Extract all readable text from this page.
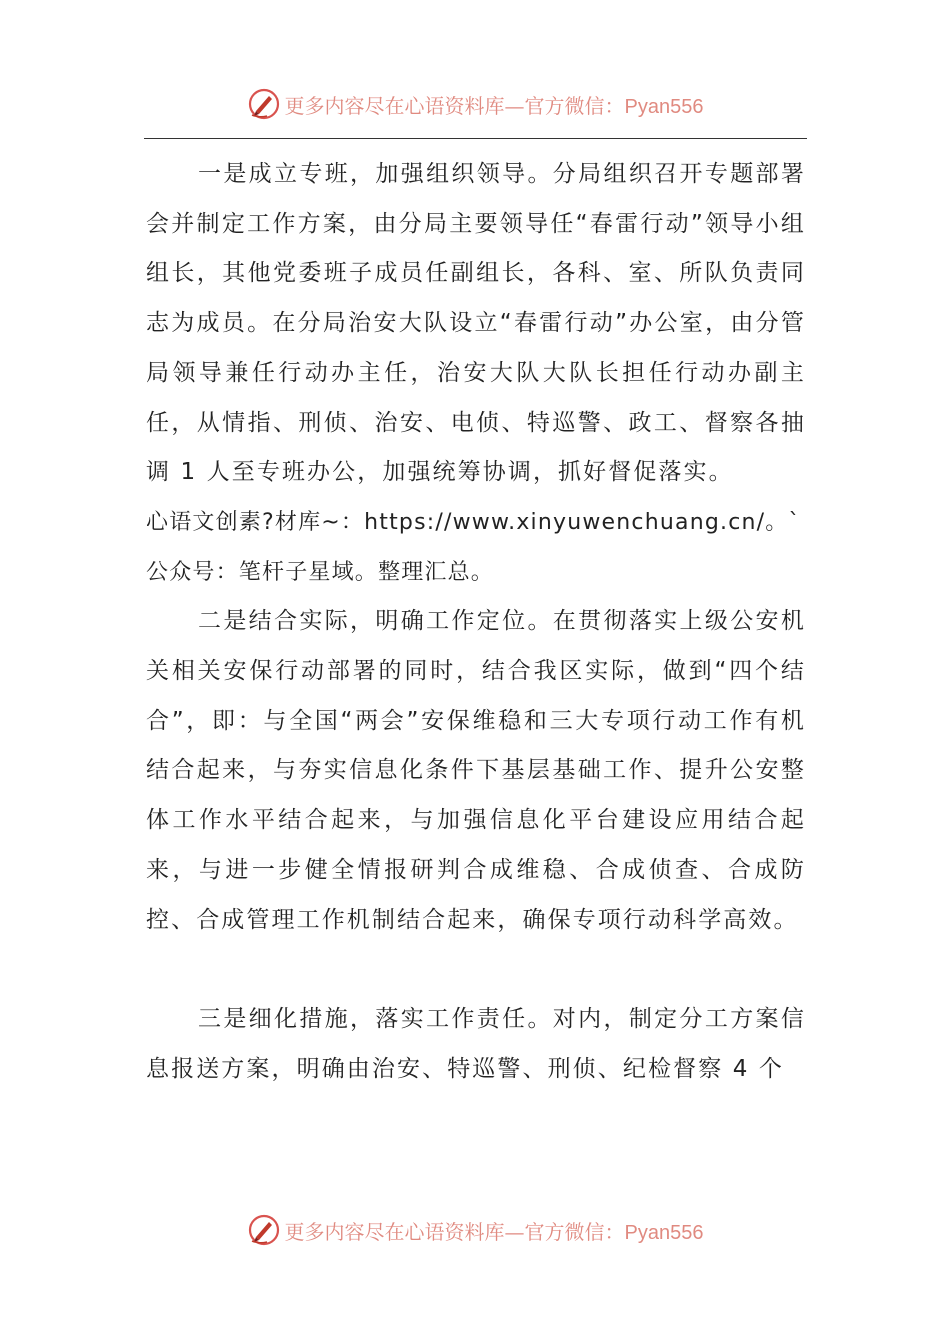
更多内容尽在心语资料库—官方微信：Pyan556

一是成立专班，加强组织领导。分局组织召开专题部署会并制定工作方案，由分局主要领导任“春雷行动”领导小组组长，其他党委班子成员任副组长，各科、室、所队负责同志为成员。在分局治安大队设立“春雷行动”办公室，由分管局领导兼任行动办主任，治安大队大队长担任行动办副主任，从情指、刑侦、治安、电侦、特巡警、政工、督察各抽调 1 人至专班办公，加强统筹协调，抓好督促落实。

心语文创素?材库~：https://www.xinyuwenchuang.cn/。`公众号：笔杆子星域。整理汇总。

二是结合实际，明确工作定位。在贯彻落实上级公安机关相关安保行动部署的同时，结合我区实际，做到“四个结合”，即：与全国“两会”安保维稳和三大专项行动工作有机结合起来，与夯实信息化条件下基层基础工作、提升公安整体工作水平结合起来，与加强信息化平台建设应用结合起来，与进一步健全情报研判合成维稳、合成侦查、合成防控、合成管理工作机制结合起来，确保专项行动科学高效。

三是细化措施，落实工作责任。对内，制定分工方案信息报送方案，明确由治安、特巡警、刑侦、纪检督察 4 个

更多内容尽在心语资料库—官方微信：Pyan556
